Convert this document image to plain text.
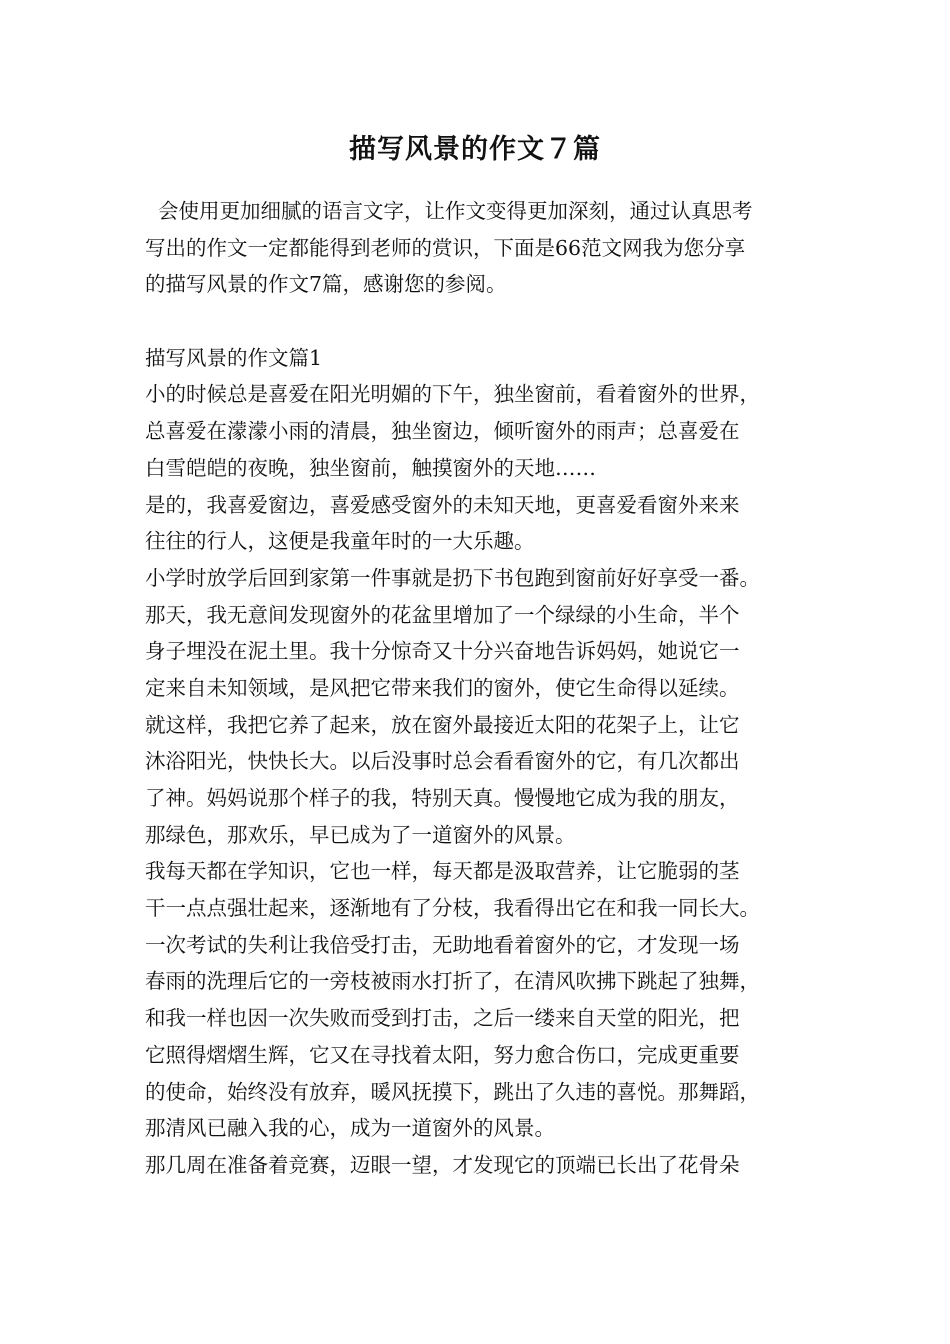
描写风景的作文７篇
会使用更加细腻的语言文字，让作文变得更加深刻，通过认真思考
写出的作文一定都能得到老师的赏识，下面是66范文网我为您分享
的描写风景的作文7篇，感谢您的参阅。
描写风景的作文篇1
小的时候总是喜爱在阳光明媚的下午，独坐窗前，看着窗外的世界，
总喜爱在濛濛小雨的清晨，独坐窗边，倾听窗外的雨声；总喜爱在
白雪皑皑的夜晚，独坐窗前，触摸窗外的天地……
是的，我喜爱窗边，喜爱感受窗外的未知天地，更喜爱看窗外来来
往往的行人，这便是我童年时的一大乐趣。
小学时放学后回到家第一件事就是扔下书包跑到窗前好好享受一番。
那天，我无意间发现窗外的花盆里增加了一个绿绿的小生命，半个
身子埋没在泥土里。我十分惊奇又十分兴奋地告诉妈妈，她说它一
定来自未知领域，是风把它带来我们的窗外，使它生命得以延续。
就这样，我把它养了起来，放在窗外最接近太阳的花架子上，让它
沐浴阳光，快快长大。以后没事时总会看看窗外的它，有几次都出
了神。妈妈说那个样子的我，特别天真。慢慢地它成为我的朋友，
那绿色，那欢乐，早已成为了一道窗外的风景。
我每天都在学知识，它也一样，每天都是汲取营养，让它脆弱的茎
干一点点强壮起来，逐渐地有了分枝，我看得出它在和我一同长大。
一次考试的失利让我倍受打击，无助地看着窗外的它，才发现一场
春雨的洗理后它的一旁枝被雨水打折了，在清风吹拂下跳起了独舞，
和我一样也因一次失败而受到打击，之后一缕来自天堂的阳光，把
它照得熠熠生辉，它又在寻找着太阳，努力愈合伤口，完成更重要
的使命，始终没有放弃，暖风抚摸下，跳出了久违的喜悦。那舞蹈，
那清风已融入我的心，成为一道窗外的风景。
那几周在准备着竞赛，迈眼一望，才发现它的顶端已长出了花骨朵
